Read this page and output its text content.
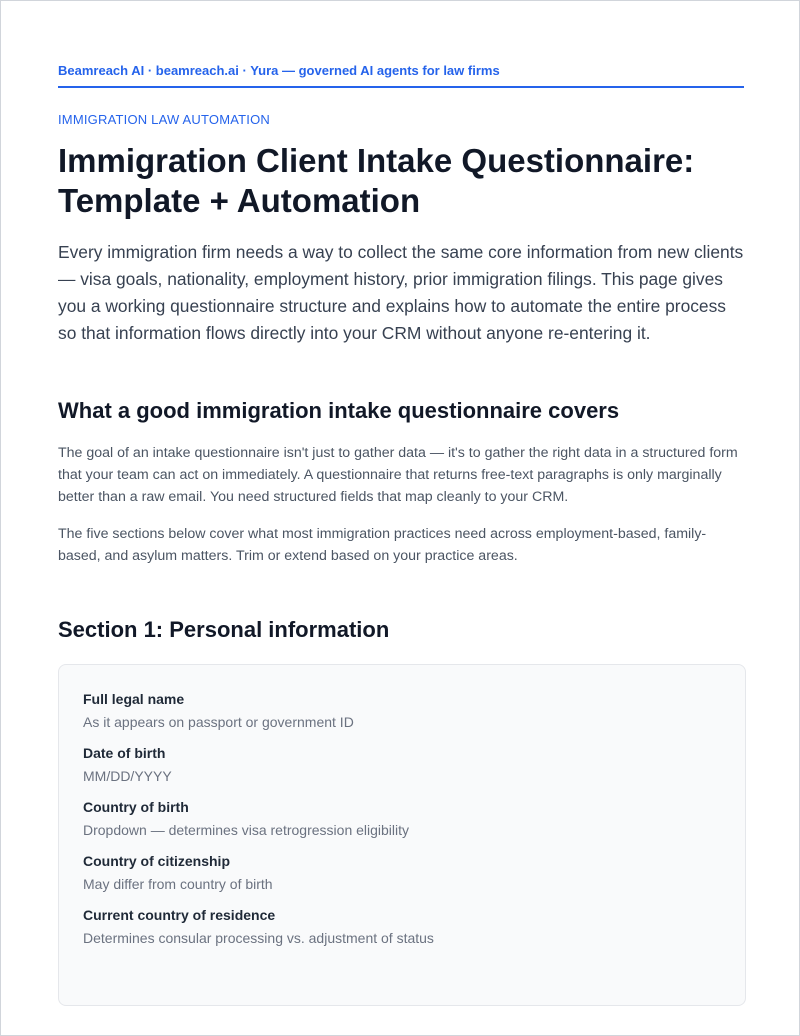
Beamreach AI · beamreach.ai · Yura — governed AI agents for law firms
IMMIGRATION LAW AUTOMATION
Immigration Client Intake Questionnaire: Template + Automation

Every immigration firm needs a way to collect the same core information from new clients — visa goals, nationality, employment history, prior immigration filings. This page gives you a working questionnaire structure and explains how to automate the entire process so that information flows directly into your CRM without anyone re-entering it.

What a good immigration intake questionnaire covers

The goal of an intake questionnaire isn't just to gather data — it's to gather the right data in a structured form that your team can act on immediately. A questionnaire that returns free-text paragraphs is only marginally better than a raw email. You need structured fields that map cleanly to your CRM.

The five sections below cover what most immigration practices need across employment-based, family-based, and asylum matters. Trim or extend based on your practice areas.

Section 1: Personal information
Full legal name
As it appears on passport or government ID
Date of birth
MM/DD/YYYY
Country of birth
Dropdown — determines visa retrogression eligibility
Country of citizenship
May differ from country of birth
Current country of residence
Determines consular processing vs. adjustment of status
